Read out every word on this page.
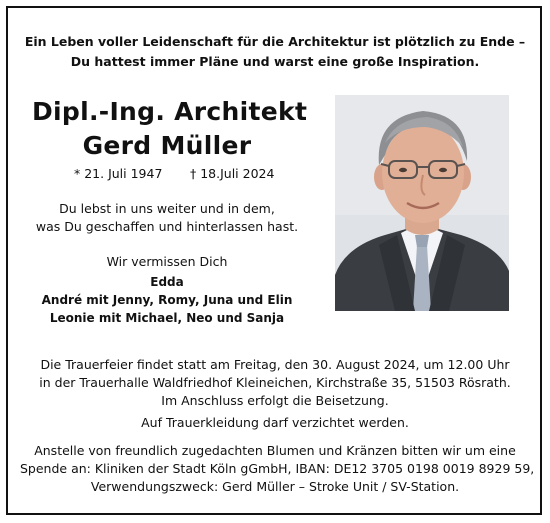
Ein Leben voller Leidenschaft für die Architektur ist plötzlich zu Ende –
Du hattest immer Pläne und warst eine große Inspiration.
Dipl.-Ing. Architekt
Gerd Müller
* 21. Juli 1947 † 18.Juli 2024
Du lebst in uns weiter und in dem,
was Du geschaffen und hinterlassen hast.
Wir vermissen Dich
Edda
André mit Jenny, Romy, Juna und Elin
Leonie mit Michael, Neo und Sanja
Die Trauerfeier findet statt am Freitag, den 30. August 2024, um 12.00 Uhr
in der Trauerhalle Waldfriedhof Kleineichen, Kirchstraße 35, 51503 Rösrath.
Im Anschluss erfolgt die Beisetzung.
Auf Trauerkleidung darf verzichtet werden.
Anstelle von freundlich zugedachten Blumen und Kränzen bitten wir um eine
Spende an: Kliniken der Stadt Köln gGmbH, IBAN: DE12 3705 0198 0019 8929 59,
Verwendungszweck: Gerd Müller – Stroke Unit / SV-Station.
